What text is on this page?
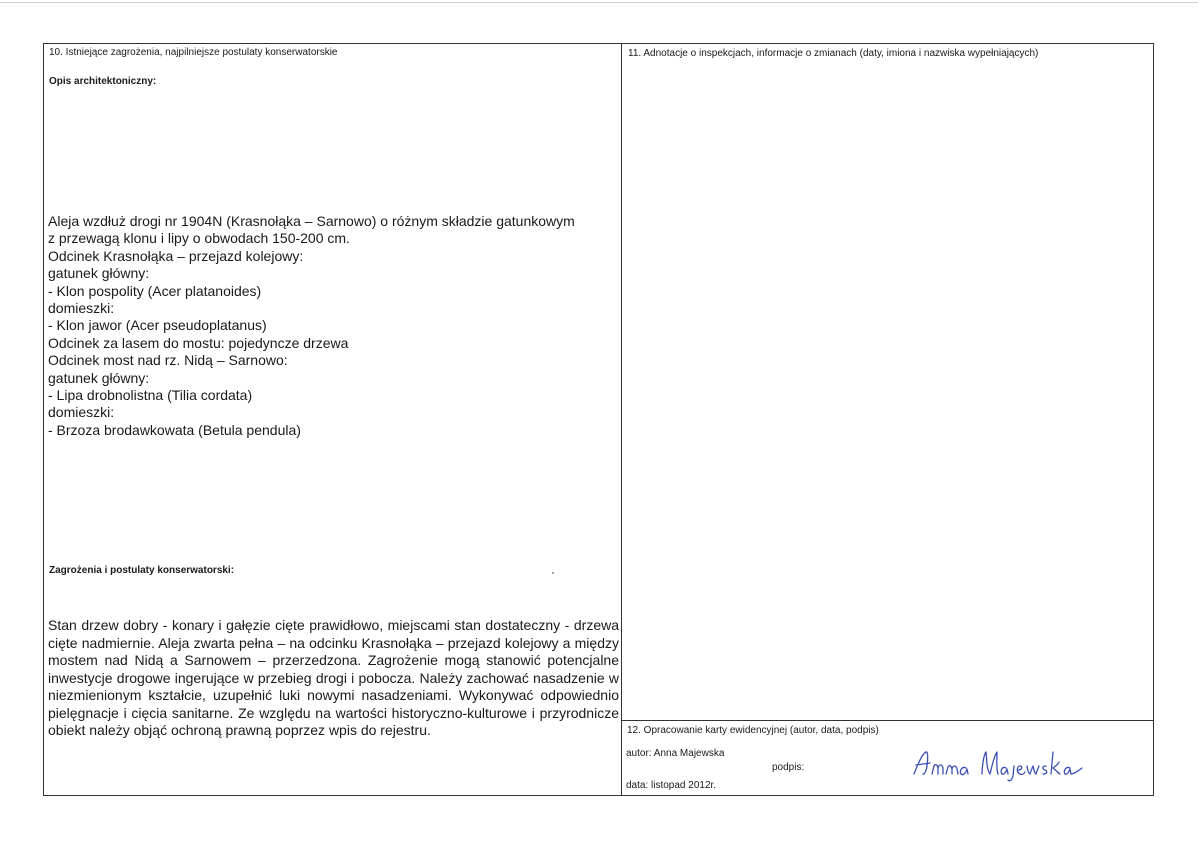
10. Istniejące zagrożenia, najpilniejsze postulaty konserwatorskie
Opis architektoniczny:
Aleja wzdłuż drogi nr 1904N (Krasnołąka – Sarnowo) o różnym składzie gatunkowym
z przewagą klonu i lipy o obwodach 150-200 cm.
Odcinek Krasnołąka – przejazd kolejowy:
gatunek główny:
- Klon pospolity (Acer platanoides)
domieszki:
- Klon jawor (Acer pseudoplatanus)
Odcinek za lasem do mostu: pojedyncze drzewa
Odcinek most nad rz. Nidą – Sarnowo:
gatunek główny:
- Lipa drobnolistna (Tilia cordata)
domieszki:
- Brzoza brodawkowata (Betula pendula)
Zagrożenia i postulaty konserwatorski:
Stan drzew dobry - konary i gałęzie cięte prawidłowo, miejscami stan dostateczny - drzewa cięte nadmiernie. Aleja zwarta pełna – na odcinku Krasnołąka – przejazd kolejowy a między mostem nad Nidą a Sarnowem – przerzedzona. Zagrożenie mogą stanowić potencjalne inwestycje drogowe ingerujące w przebieg drogi i pobocza. Należy zachować nasadzenie w niezmienionym kształcie, uzupełnić luki nowymi nasadzeniami. Wykonywać odpowiednio pielęgnacje i cięcia sanitarne. Ze względu na wartości historyczno-kulturowe i przyrodnicze obiekt należy objąć ochroną prawną poprzez wpis do rejestru.
11. Adnotacje o inspekcjach, informacje o zmianach (daty, imiona i nazwiska wypełniających)
12. Opracowanie karty ewidencyjnej (autor, data, podpis)
autor: Anna Majewska
podpis:
data: listopad 2012r.
